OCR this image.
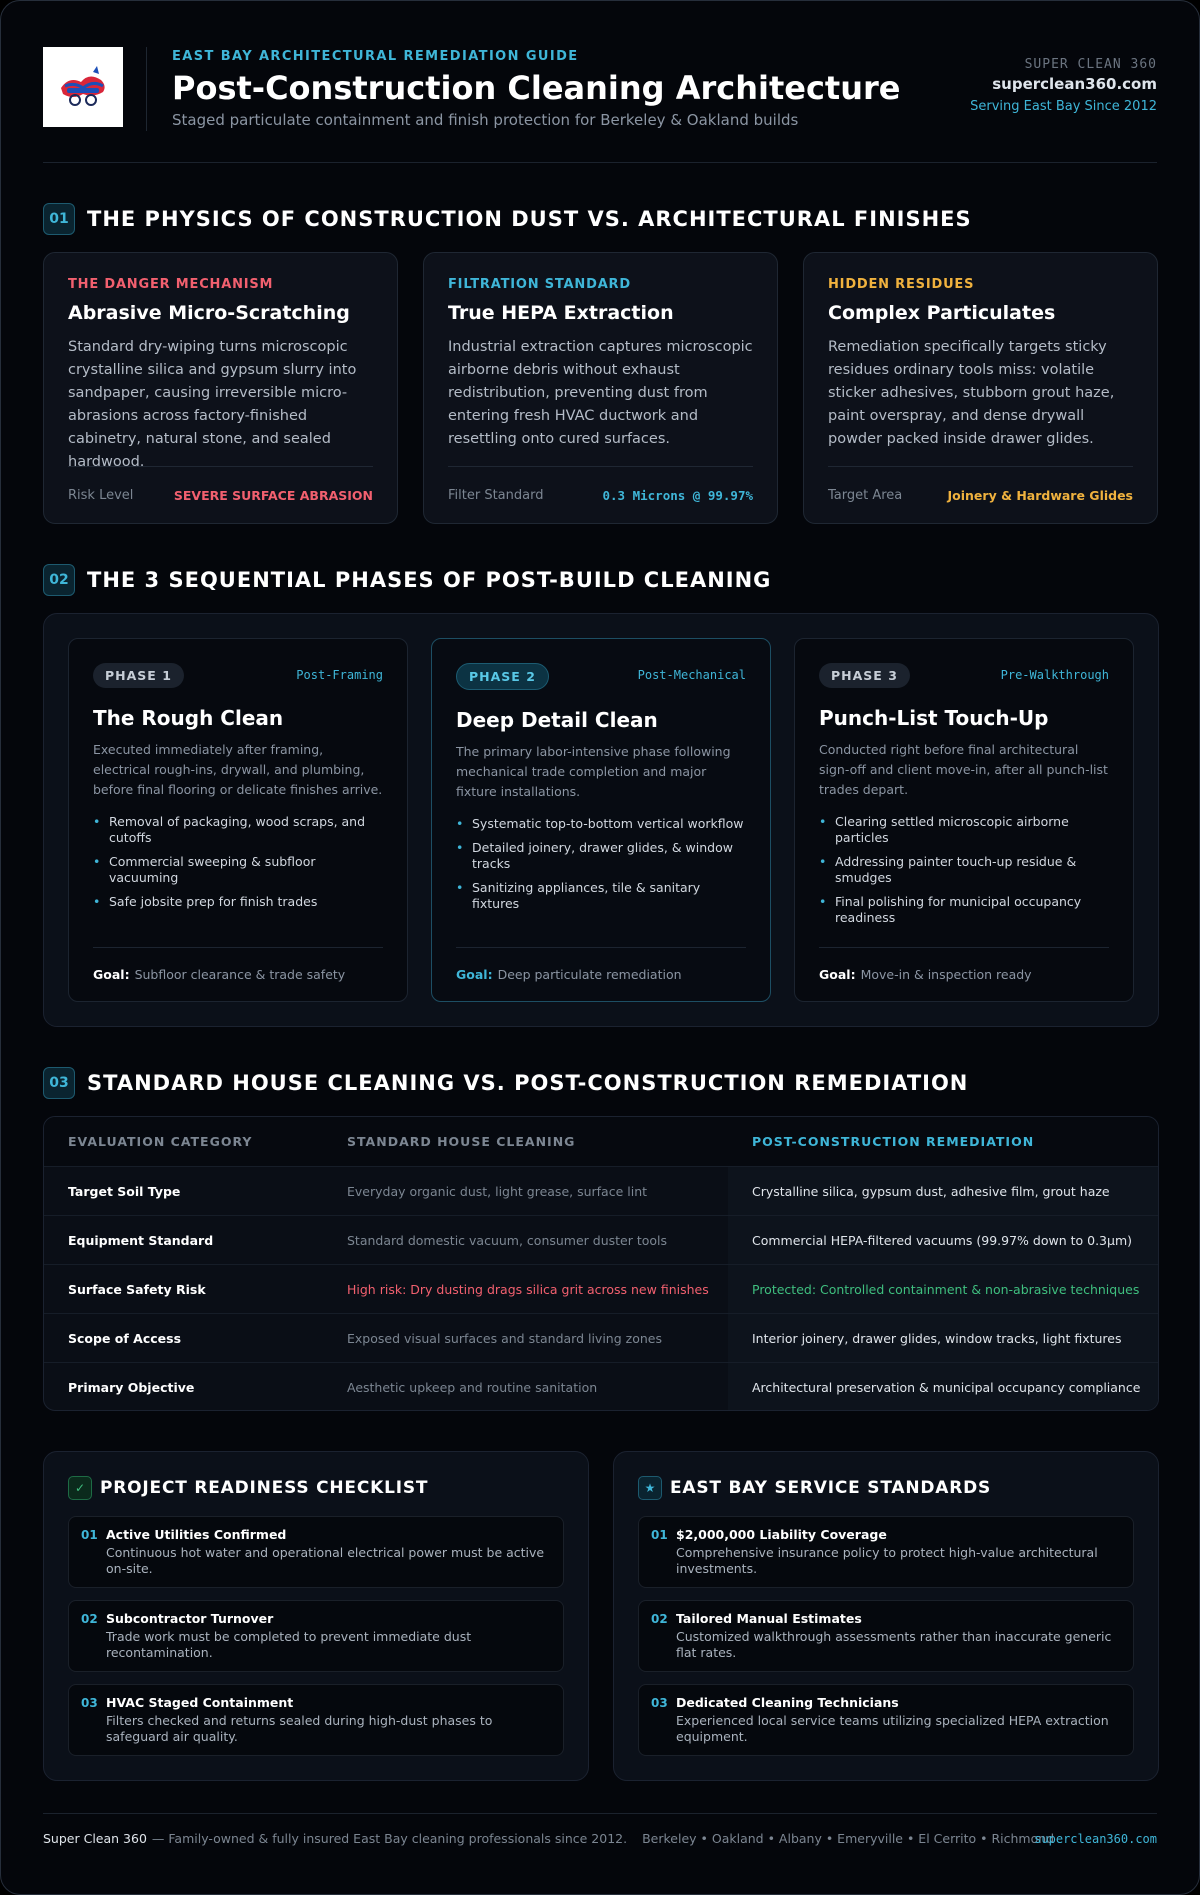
EAST BAY ARCHITECTURAL REMEDIATION GUIDE
Post-Construction Cleaning Architecture
Staged particulate containment and finish protection for Berkeley & Oakland builds
SUPER CLEAN 360
superclean360.com
Serving East Bay Since 2012
01 THE PHYSICS OF CONSTRUCTION DUST VS. ARCHITECTURAL FINISHES
THE DANGER MECHANISM
Abrasive Micro-Scratching
Standard dry-wiping turns microscopic crystalline silica and gypsum slurry into sandpaper, causing irreversible micro-abrasions across factory-finished cabinetry, natural stone, and sealed hardwood.
Risk Level	SEVERE SURFACE ABRASION
FILTRATION STANDARD
True HEPA Extraction
Industrial extraction captures microscopic airborne debris without exhaust redistribution, preventing dust from entering fresh HVAC ductwork and resettling onto cured surfaces.
Filter Standard	0.3 Microns @ 99.97%
HIDDEN RESIDUES
Complex Particulates
Remediation specifically targets sticky residues ordinary tools miss: volatile sticker adhesives, stubborn grout haze, paint overspray, and dense drywall powder packed inside drawer glides.
Target Area	Joinery & Hardware Glides
02 THE 3 SEQUENTIAL PHASES OF POST-BUILD CLEANING
PHASE 1	Post-Framing
The Rough Clean
Executed immediately after framing, electrical rough-ins, drywall, and plumbing, before final flooring or delicate finishes arrive.
• Removal of packaging, wood scraps, and cutoffs
• Commercial sweeping & subfloor vacuuming
• Safe jobsite prep for finish trades
Goal: Subfloor clearance & trade safety
PHASE 2	Post-Mechanical
Deep Detail Clean
The primary labor-intensive phase following mechanical trade completion and major fixture installations.
• Systematic top-to-bottom vertical workflow
• Detailed joinery, drawer glides, & window tracks
• Sanitizing appliances, tile & sanitary fixtures
Goal: Deep particulate remediation
PHASE 3	Pre-Walkthrough
Punch-List Touch-Up
Conducted right before final architectural sign-off and client move-in, after all punch-list trades depart.
• Clearing settled microscopic airborne particles
• Addressing painter touch-up residue & smudges
• Final polishing for municipal occupancy readiness
Goal: Move-in & inspection ready
03 STANDARD HOUSE CLEANING VS. POST-CONSTRUCTION REMEDIATION
EVALUATION CATEGORY	STANDARD HOUSE CLEANING	POST-CONSTRUCTION REMEDIATION
Target Soil Type	Everyday organic dust, light grease, surface lint	Crystalline silica, gypsum dust, adhesive film, grout haze
Equipment Standard	Standard domestic vacuum, consumer duster tools	Commercial HEPA-filtered vacuums (99.97% down to 0.3μm)
Surface Safety Risk	High risk: Dry dusting drags silica grit across new finishes	Protected: Controlled containment & non-abrasive techniques
Scope of Access	Exposed visual surfaces and standard living zones	Interior joinery, drawer glides, window tracks, light fixtures
Primary Objective	Aesthetic upkeep and routine sanitation	Architectural preservation & municipal occupancy compliance
✓ PROJECT READINESS CHECKLIST
01 Active Utilities Confirmed
Continuous hot water and operational electrical power must be active on-site.
02 Subcontractor Turnover
Trade work must be completed to prevent immediate dust recontamination.
03 HVAC Staged Containment
Filters checked and returns sealed during high-dust phases to safeguard air quality.
★ EAST BAY SERVICE STANDARDS
01 $2,000,000 Liability Coverage
Comprehensive insurance policy to protect high-value architectural investments.
02 Tailored Manual Estimates
Customized walkthrough assessments rather than inaccurate generic flat rates.
03 Dedicated Cleaning Technicians
Experienced local service teams utilizing specialized HEPA extraction equipment.
Super Clean 360 — Family-owned & fully insured East Bay cleaning professionals since 2012. Berkeley • Oakland • Albany • Emeryville • El Cerrito • Richmond
superclean360.com
